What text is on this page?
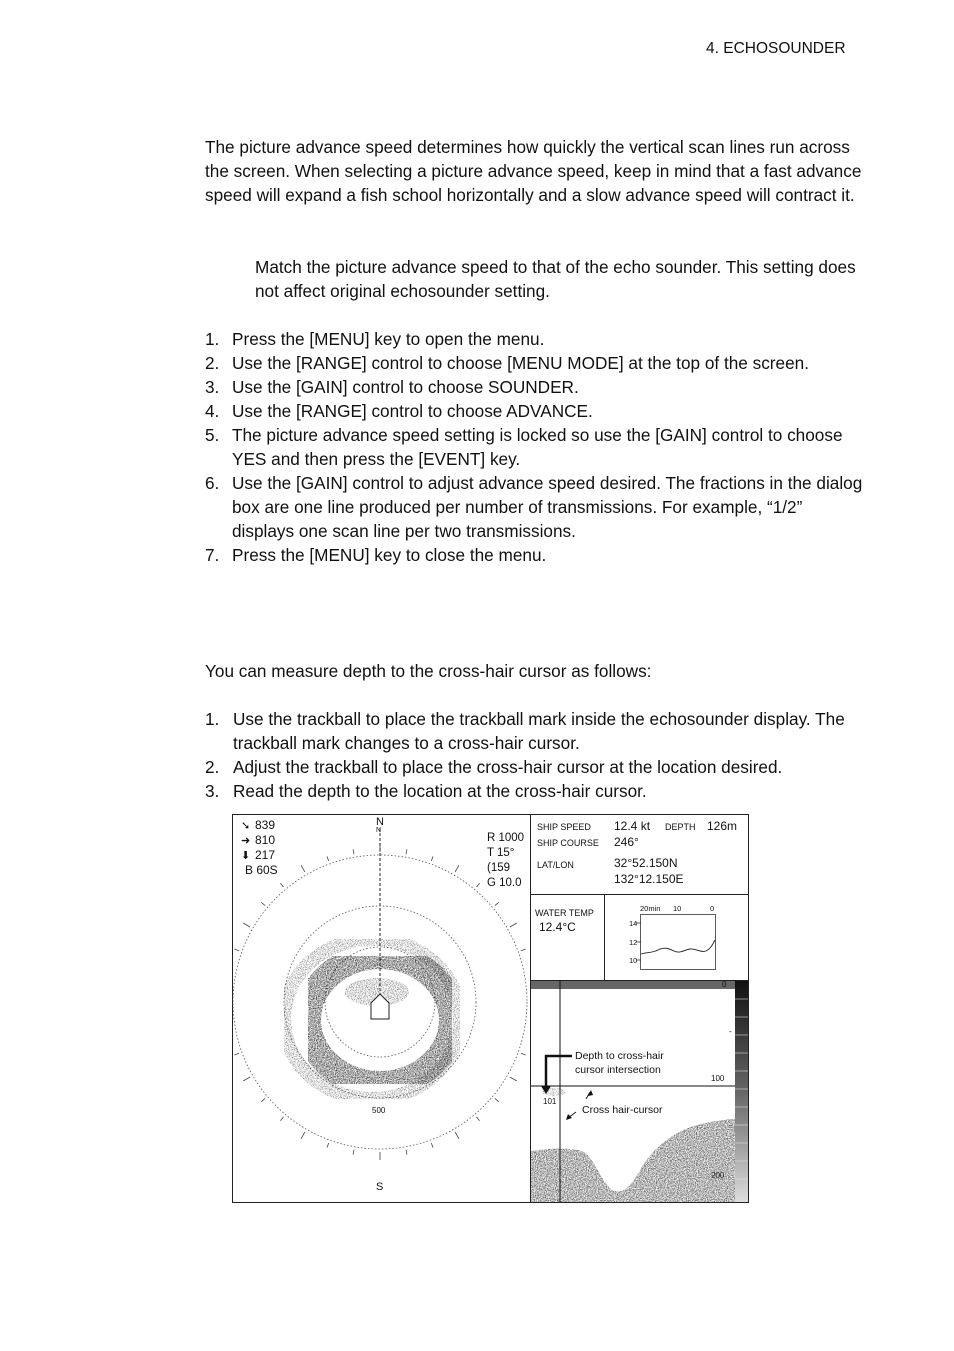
4. ECHOSOUNDER

The picture advance speed determines how quickly the vertical scan lines run across the screen. When selecting a picture advance speed, keep in mind that a fast advance speed will expand a fish school horizontally and a slow advance speed will contract it.

Match the picture advance speed to that of the echo sounder. This setting does not affect original echosounder setting.

1. Press the [MENU] key to open the menu.
2. Use the [RANGE] control to choose [MENU MODE] at the top of the screen.
3. Use the [GAIN] control to choose SOUNDER.
4. Use the [RANGE] control to choose ADVANCE.
5. The picture advance speed setting is locked so use the [GAIN] control to choose YES and then press the [EVENT] key.
6. Use the [GAIN] control to adjust advance speed desired. The fractions in the dialog box are one line produced per number of transmissions. For example, “1/2” displays one scan line per two transmissions.
7. Press the [MENU] key to close the menu.

You can measure depth to the cross-hair cursor as follows:

1. Use the trackball to place the trackball mark inside the echosounder display. The trackball mark changes to a cross-hair cursor.
2. Adjust the trackball to place the cross-hair cursor at the location desired.
3. Read the depth to the location at the cross-hair cursor.
➘ 839
➜ 810
⬇ 217
B 60S
N
N
S
500
R 1000
T 15°
(159
G 10.0
SHIP SPEED 12.4 kt DEPTH 126m
SHIP COURSE 246°
LAT/LON	32°52.150N
132°12.150E
WATER TEMP
12.4°C
20min 10	0
14
12
10
0
-
100
101
Depth to cross-hair
cursor intersection
Cross hair-cursor
